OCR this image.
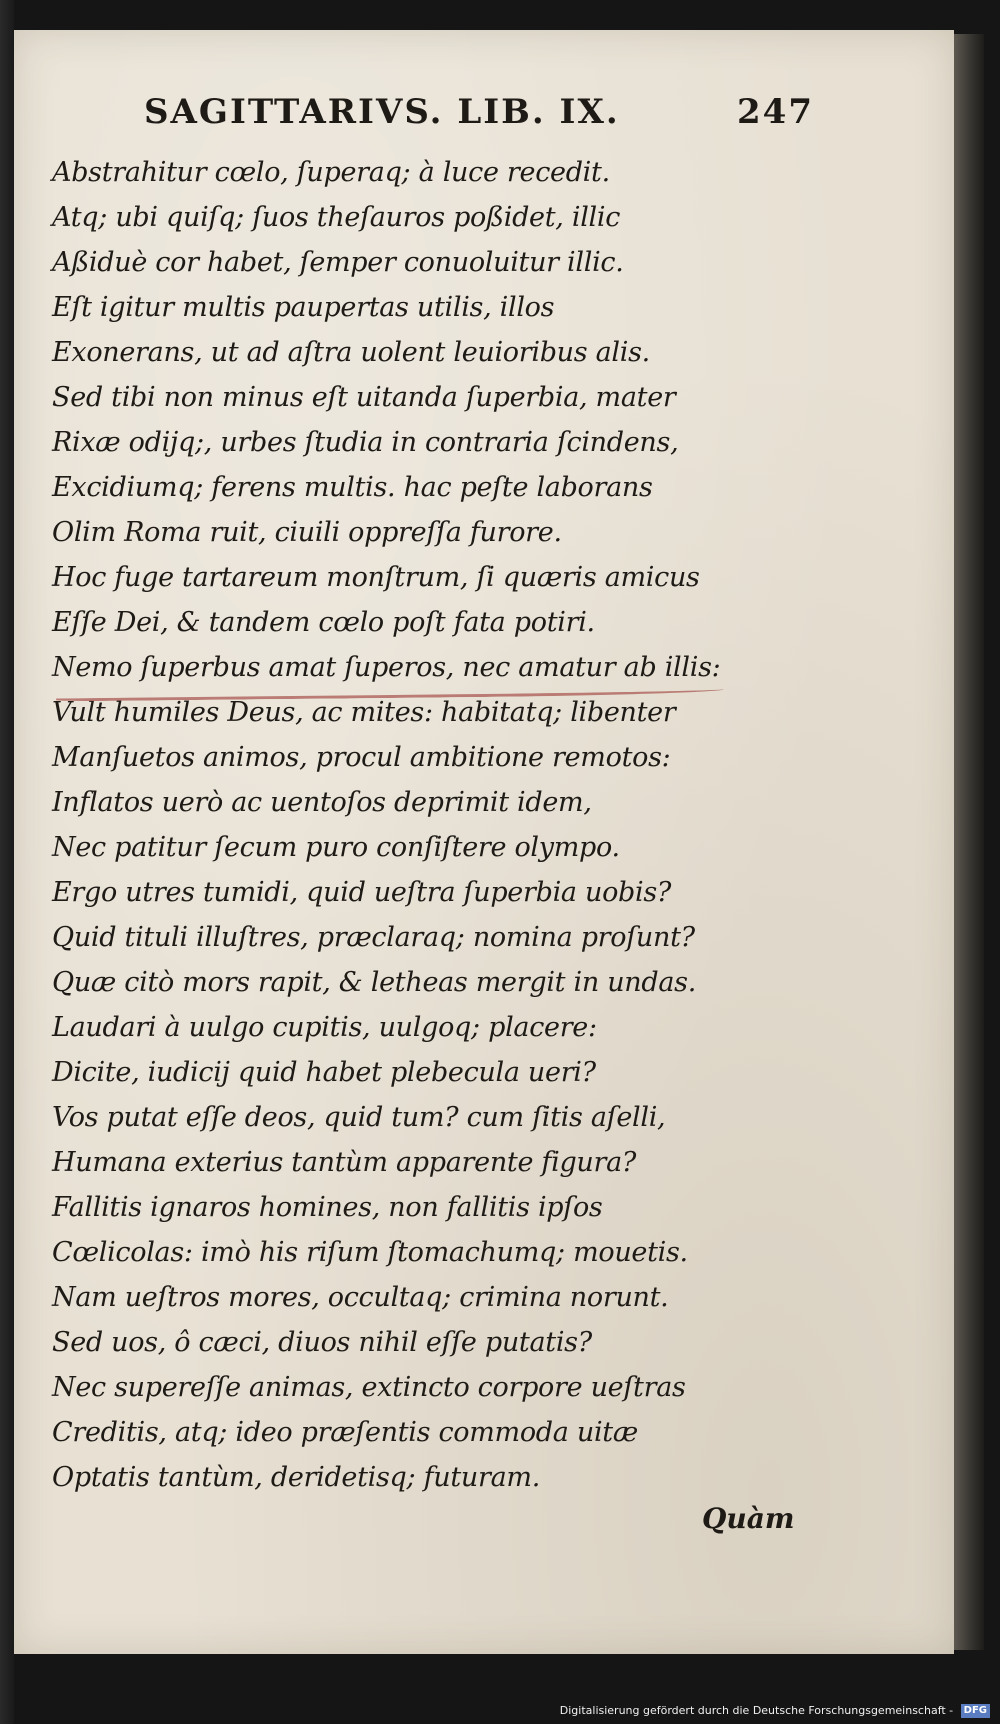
SAGITTARIVS. LIB. IX.	247
Abstrahitur cœlo, ſuperaq; à luce recedit.
Atq; ubi quiſq; ſuos theſauros poßidet, illic
Aßiduè cor habet, ſemper conuoluitur illic.
Eſt igitur multis paupertas utilis, illos
Exonerans, ut ad aſtra uolent leuioribus alis.
Sed tibi non minus eſt uitanda ſuperbia, mater
Rixæ odijq;, urbes ſtudia in contraria ſcindens,
Excidiumq; ferens multis. hac peſte laborans
Olim Roma ruit, ciuili oppreſſa furore.
Hoc fuge tartareum monſtrum, ſi quæris amicus
Eſſe Dei, & tandem cœlo poſt fata potiri.
Nemo ſuperbus amat ſuperos, nec amatur ab illis:
Vult humiles Deus, ac mites: habitatq; libenter
Manſuetos animos, procul ambitione remotos:
Inflatos uerò ac uentoſos deprimit idem,
Nec patitur ſecum puro conſiſtere olympo.
Ergo utres tumidi, quid ueſtra ſuperbia uobis?
Quid tituli illuſtres, præclaraq; nomina proſunt?
Quæ citò mors rapit, & letheas mergit in undas.
Laudari à uulgo cupitis, uulgoq; placere:
Dicite, iudicij quid habet plebecula ueri?
Vos putat eſſe deos, quid tum? cum ſitis aſelli,
Humana exterius tantùm apparente figura?
Fallitis ignaros homines, non fallitis ipſos
Cœlicolas: imò his riſum ſtomachumq; mouetis.
Nam ueſtros mores, occultaq; crimina norunt.
Sed uos, ô cæci, diuos nihil eſſe putatis?
Nec supereſſe animas, extincto corpore ueſtras
Creditis, atq; ideo præſentis commoda uitæ
Optatis tantùm, deridetisq; futuram.
Quàm
Digitalisierung gefördert durch die Deutsche Forschungsgemeinschaft - DFG
